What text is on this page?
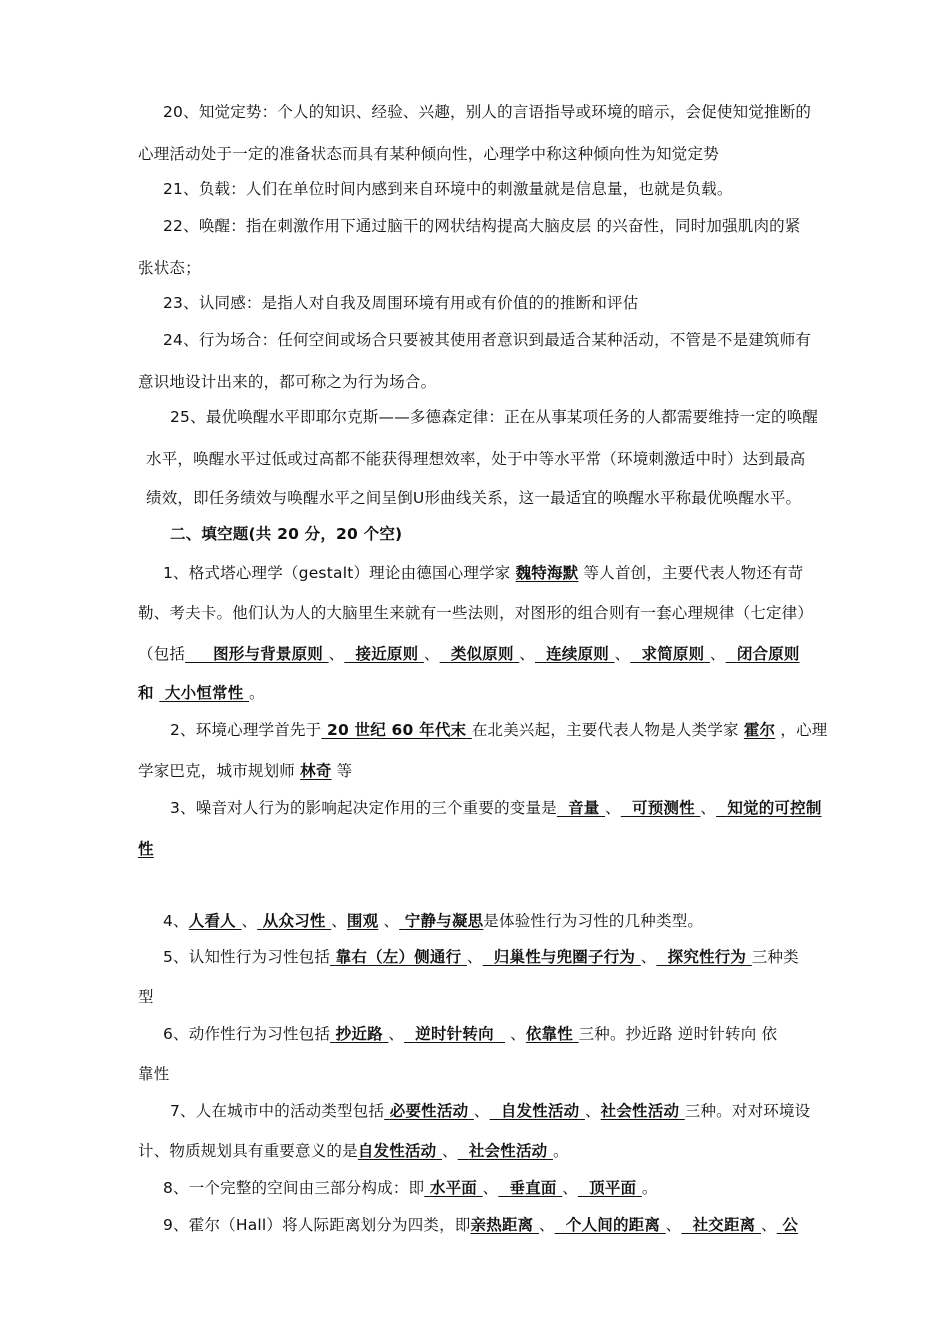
20、知觉定势：个人的知识、经验、兴趣，别人的言语指导或环境的暗示，会促使知觉推断的
心理活动处于一定的准备状态而具有某种倾向性，心理学中称这种倾向性为知觉定势
21、负载：人们在单位时间内感到来自环境中的刺激量就是信息量，也就是负载。
22、唤醒：指在刺激作用下通过脑干的网状结构提高大脑皮层 的兴奋性，同时加强肌肉的紧
张状态；
23、认同感：是指人对自我及周围环境有用或有价值的的推断和评估
24、行为场合：任何空间或场合只要被其使用者意识到最适合某种活动，不管是不是建筑师有
意识地设计出来的，都可称之为行为场合。
25、最优唤醒水平即耶尔克斯——多德森定律：正在从事某项任务的人都需要维持一定的唤醒
水平，唤醒水平过低或过高都不能获得理想效率，处于中等水平常（环境刺激适中时）达到最高
绩效，即任务绩效与唤醒水平之间呈倒U形曲线关系，这一最适宜的唤醒水平称最优唤醒水平。
二、填空题(共 20 分，20 个空)
1、格式塔心理学（gestalt）理论由德国心理学家 魏特海默 等人首创，主要代表人物还有苛
勒、考夫卡。他们认为人的大脑里生来就有一些法则，对图形的组合则有一套心理规律（七定律）
（包括 图形与背景原则 、 接近原则 、 类似原则 、 连续原则 、 求简原则 、 闭合原则
和  大小恒常性 。
2、环境心理学首先于 20 世纪 60 年代末 在北美兴起，主要代表人物是人类学家 霍尔 ，心理
学家巴克，城市规划师 林奇 等
3、噪音对人行为的影响起决定作用的三个重要的变量是 音量 、 可预测性 、 知觉的可控制
性
4、人看人 、 从众习性 、围观 、 宁静与凝思是体验性行为习性的几种类型。
5、认知性行为习性包括 靠右（左）侧通行 、 归巢性与兜圈子行为 、 探究性行为 三种类
型
6、动作性行为习性包括 抄近路 、 逆时针转向 、依靠性 三种。抄近路 逆时针转向 依
靠性
7、人在城市中的活动类型包括 必要性活动 、 自发性活动 、社会性活动 三种。对对环境设
计、物质规划具有重要意义的是自发性活动 、 社会性活动 。
8、一个完整的空间由三部分构成：即 水平面 、 垂直面 、 顶平面 。
9、霍尔（Hall）将人际距离划分为四类，即亲热距离 、 个人间的距离 、 社交距离 、 公
